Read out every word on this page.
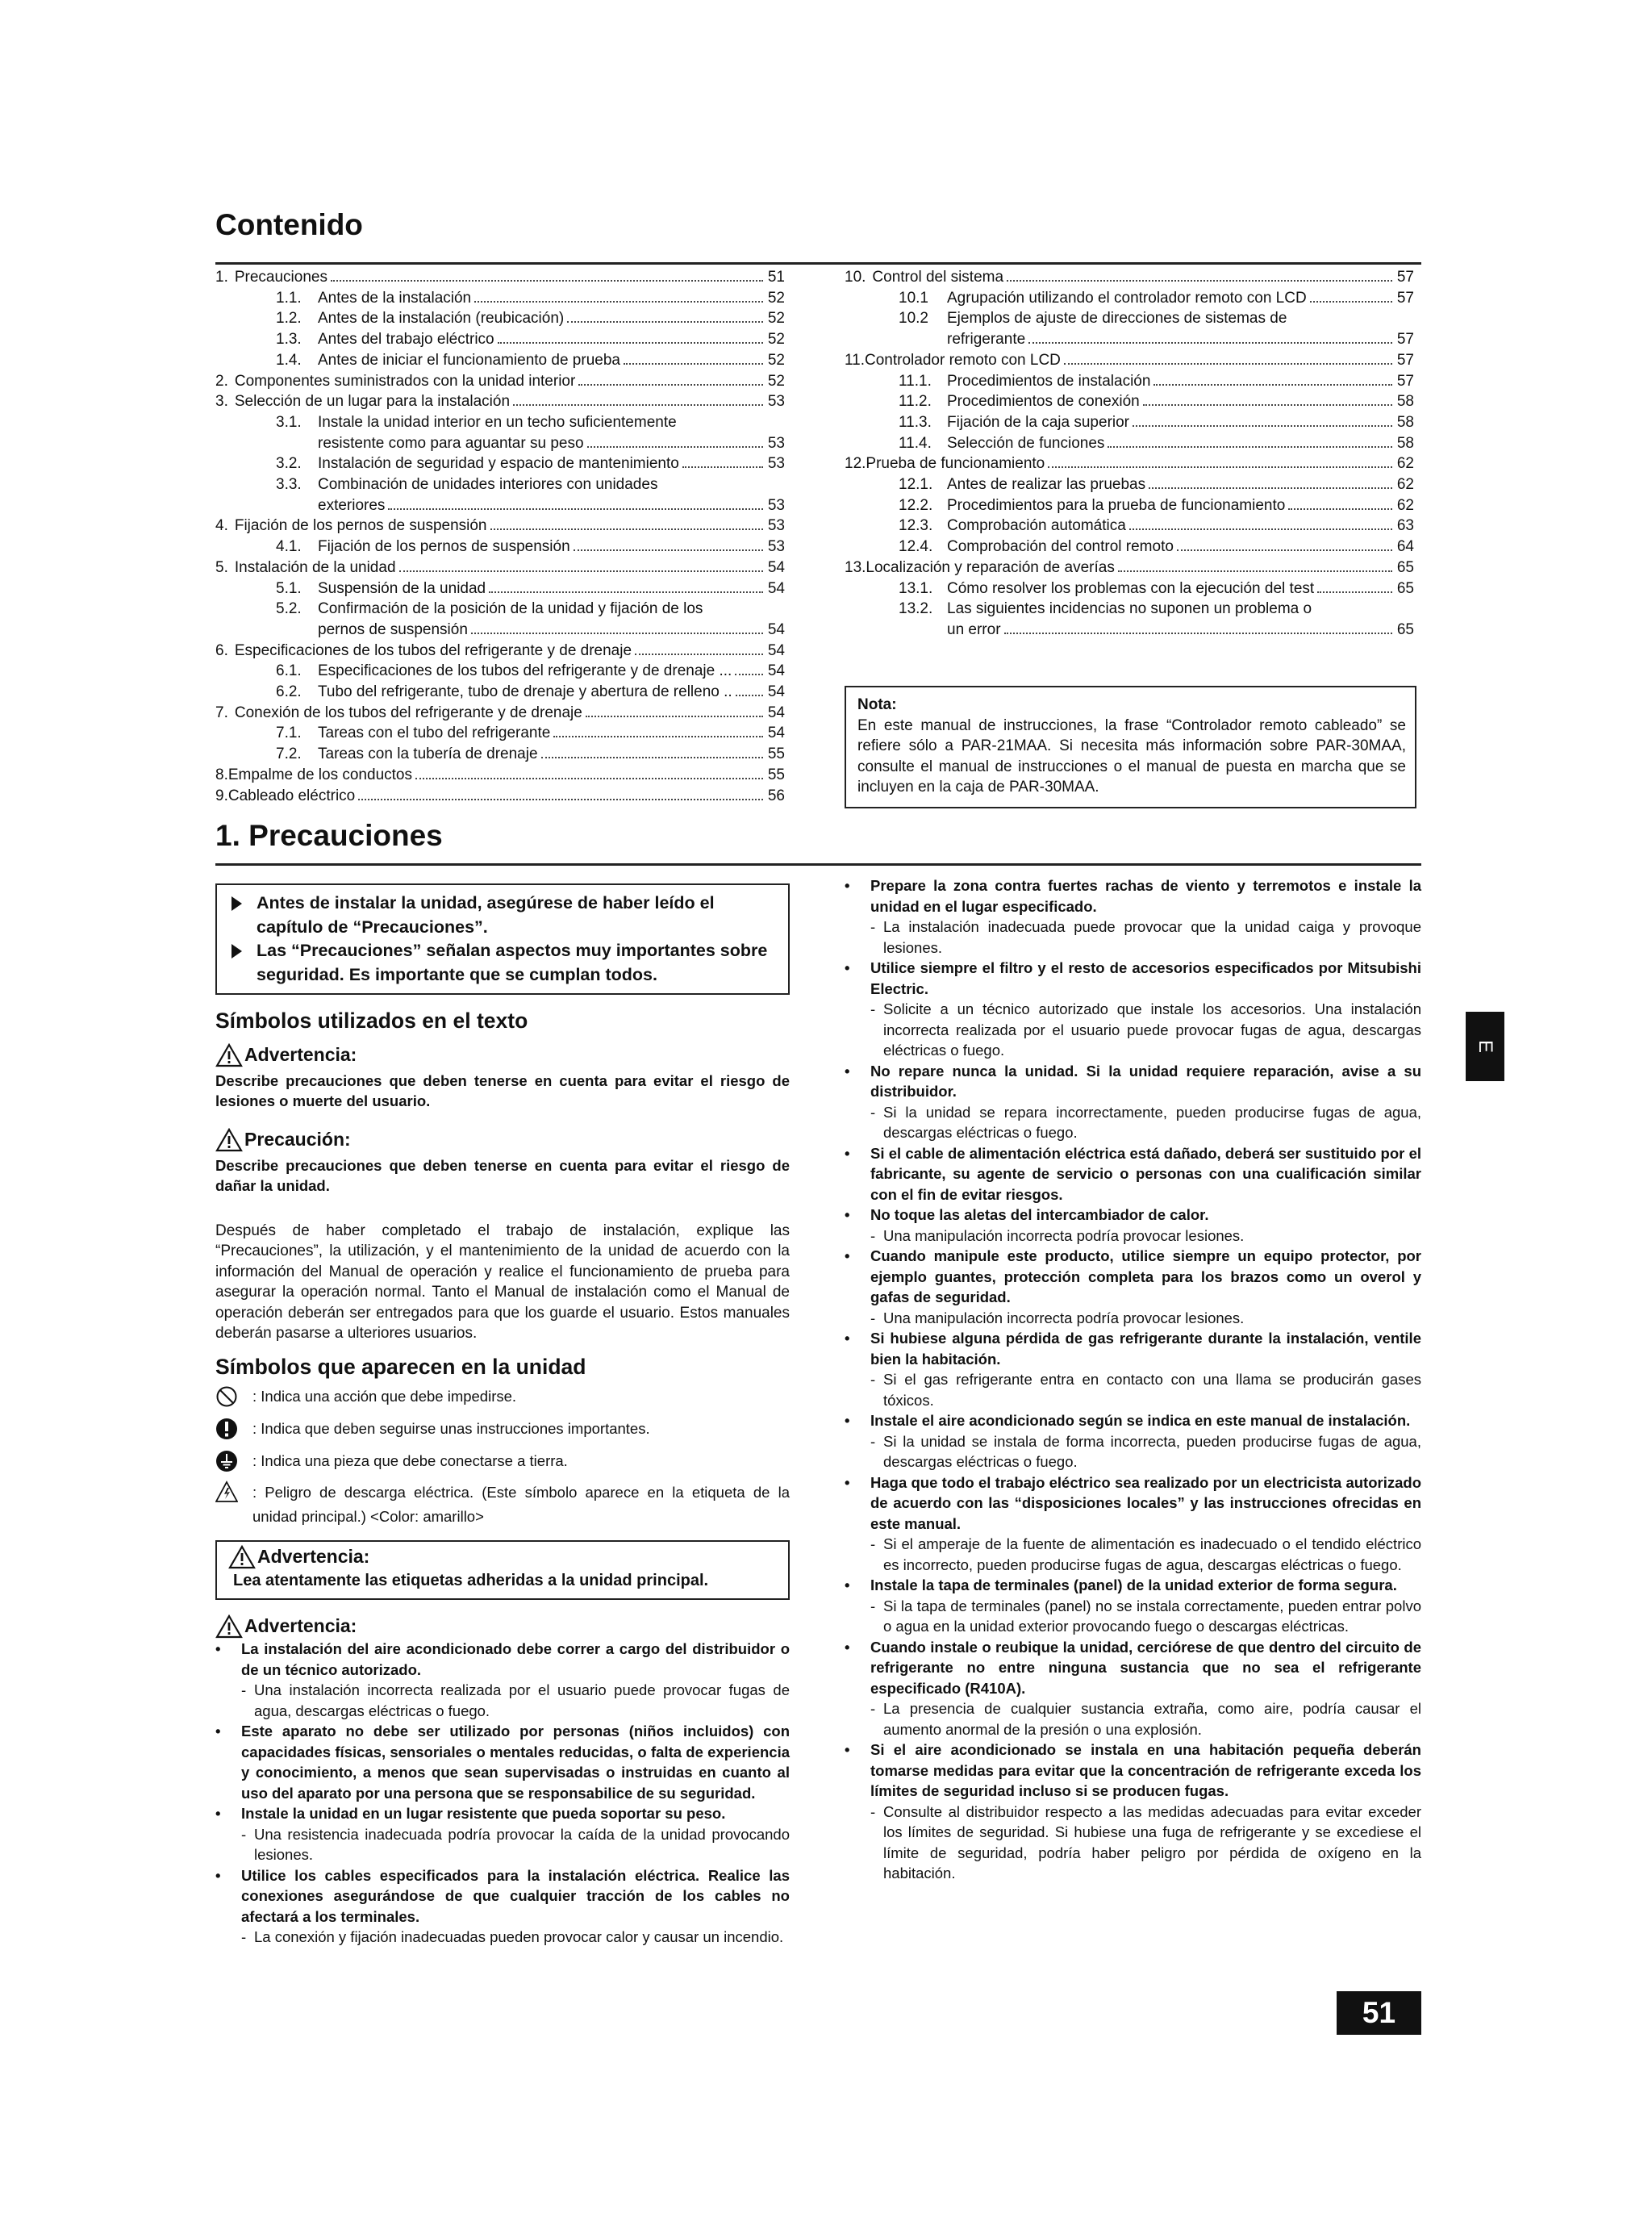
Contenido
1. Precauciones	51
1.1.	Antes de la instalación	52
1.2.	Antes de la instalación (reubicación)	52
1.3.	Antes del trabajo eléctrico	52
1.4.	Antes de iniciar el funcionamiento de prueba	52
2. Componentes suministrados con la unidad interior	52
3. Selección de un lugar para la instalación	53
3.1.	Instale la unidad interior en un techo suficientemente
resistente como para aguantar su peso	53
3.2.	Instalación de seguridad y espacio de mantenimiento	53
3.3.	Combinación de unidades interiores con unidades
exteriores	53
4. Fijación de los pernos de suspensión	53
4.1.	Fijación de los pernos de suspensión	53
5. Instalación de la unidad	54
5.1.	Suspensión de la unidad	54
5.2.	Confirmación de la posición de la unidad y fijación de los
pernos de suspensión	54
6. Especificaciones de los tubos del refrigerante y de drenaje	54
6.1.	Especificaciones de los tubos del refrigerante y de drenaje ... 54
6.2.	Tubo del refrigerante, tubo de drenaje y abertura de relleno .. 54
7. Conexión de los tubos del refrigerante y de drenaje	54
7.1.	Tareas con el tubo del refrigerante	54
7.2.	Tareas con la tubería de drenaje	55
8. Empalme de los conductos	55
9. Cableado eléctrico	56
10. Control del sistema	57
10.1	Agrupación utilizando el controlador remoto con LCD	57
10.2	Ejemplos de ajuste de direcciones de sistemas de
refrigerante	57
11. Controlador remoto con LCD	57
11.1.	Procedimientos de instalación	57
11.2.	Procedimientos de conexión	58
11.3.	Fijación de la caja superior	58
11.4.	Selección de funciones	58
12. Prueba de funcionamiento	62
12.1. Antes de realizar las pruebas	62
12.2. Procedimientos para la prueba de funcionamiento	62
12.3. Comprobación automática	63
12.4. Comprobación del control remoto	64
13. Localización y reparación de averías	65
13.1. Cómo resolver los problemas con la ejecución del test	65
13.2. Las siguientes incidencias no suponen un problema o
un error	65
Nota:
En este manual de instrucciones, la frase “Controlador remoto cableado” se refiere sólo a PAR-21MAA. Si necesita más información sobre PAR-30MAA, consulte el manual de instrucciones o el manual de puesta en marcha que se incluyen en la caja de PAR-30MAA.
1. Precauciones
Antes de instalar la unidad, asegúrese de haber leído el capítulo de “Precauciones”.
Las “Precauciones” señalan aspectos muy importantes sobre seguridad. Es importante que se cumplan todos.
Símbolos utilizados en el texto
Advertencia:
Describe precauciones que deben tenerse en cuenta para evitar el riesgo de lesiones o muerte del usuario.
Precaución:
Describe precauciones que deben tenerse en cuenta para evitar el riesgo de dañar la unidad.
Después de haber completado el trabajo de instalación, explique las “Precauciones”, la utilización, y el mantenimiento de la unidad de acuerdo con la información del Manual de operación y realice el funcionamiento de prueba para asegurar la operación normal. Tanto el Manual de instalación como el Manual de operación deberán ser entregados para que los guarde el usuario. Estos manuales deberán pasarse a ulteriores usuarios.
Símbolos que aparecen en la unidad
: Indica una acción que debe impedirse.
: Indica que deben seguirse unas instrucciones importantes.
: Indica una pieza que debe conectarse a tierra.
: Peligro de descarga eléctrica. (Este símbolo aparece en la etiqueta de la unidad principal.) <Color: amarillo>
Advertencia:
Lea atentamente las etiquetas adheridas a la unidad principal.
Advertencia:
•	La instalación del aire acondicionado debe correr a cargo del distribuidor o de un técnico autorizado.
- Una instalación incorrecta realizada por el usuario puede provocar fugas de agua, descargas eléctricas o fuego.
•	Este aparato no debe ser utilizado por personas (niños incluidos) con capacidades físicas, sensoriales o mentales reducidas, o falta de experiencia y conocimiento, a menos que sean supervisadas o instruidas en cuanto al uso del aparato por una persona que se responsabilice de su seguridad.
•	Instale la unidad en un lugar resistente que pueda soportar su peso.
- Una resistencia inadecuada podría provocar la caída de la unidad provocando lesiones.
•	Utilice los cables especificados para la instalación eléctrica. Realice las conexiones asegurándose de que cualquier tracción de los cables no afectará a los terminales.
- La conexión y fijación inadecuadas pueden provocar calor y causar un incendio.
•	Prepare la zona contra fuertes rachas de viento y terremotos e instale la unidad en el lugar especificado.
- La instalación inadecuada puede provocar que la unidad caiga y provoque lesiones.
•	Utilice siempre el filtro y el resto de accesorios especificados por Mitsubishi Electric.
- Solicite a un técnico autorizado que instale los accesorios. Una instalación incorrecta realizada por el usuario puede provocar fugas de agua, descargas eléctricas o fuego.
•	No repare nunca la unidad. Si la unidad requiere reparación, avise a su distribuidor.
- Si la unidad se repara incorrectamente, pueden producirse fugas de agua, descargas eléctricas o fuego.
•	Si el cable de alimentación eléctrica está dañado, deberá ser sustituido por el fabricante, su agente de servicio o personas con una cualificación similar con el fin de evitar riesgos.
•	No toque las aletas del intercambiador de calor.
- Una manipulación incorrecta podría provocar lesiones.
•	Cuando manipule este producto, utilice siempre un equipo protector, por ejemplo guantes, protección completa para los brazos como un overol y gafas de seguridad.
- Una manipulación incorrecta podría provocar lesiones.
•	Si hubiese alguna pérdida de gas refrigerante durante la instalación, ventile bien la habitación.
- Si el gas refrigerante entra en contacto con una llama se producirán gases tóxicos.
•	Instale el aire acondicionado según se indica en este manual de instalación.
- Si la unidad se instala de forma incorrecta, pueden producirse fugas de agua, descargas eléctricas o fuego.
•	Haga que todo el trabajo eléctrico sea realizado por un electricista autorizado de acuerdo con las “disposiciones locales” y las instrucciones ofrecidas en este manual.
- Si el amperaje de la fuente de alimentación es inadecuado o el tendido eléctrico es incorrecto, pueden producirse fugas de agua, descargas eléctricas o fuego.
•	Instale la tapa de terminales (panel) de la unidad exterior de forma segura.
- Si la tapa de terminales (panel) no se instala correctamente, pueden entrar polvo o agua en la unidad exterior provocando fuego o descargas eléctricas.
•	Cuando instale o reubique la unidad, cerciórese de que dentro del circuito de refrigerante no entre ninguna sustancia que no sea el refrigerante especificado (R410A).
- La presencia de cualquier sustancia extraña, como aire, podría causar el aumento anormal de la presión o una explosión.
•	Si el aire acondicionado se instala en una habitación pequeña deberán tomarse medidas para evitar que la concentración de refrigerante exceda los límites de seguridad incluso si se producen fugas.
- Consulte al distribuidor respecto a las medidas adecuadas para evitar exceder los límites de seguridad. Si hubiese una fuga de refrigerante y se excediese el límite de seguridad, podría haber peligro por pérdida de oxígeno en la habitación.
E
51
